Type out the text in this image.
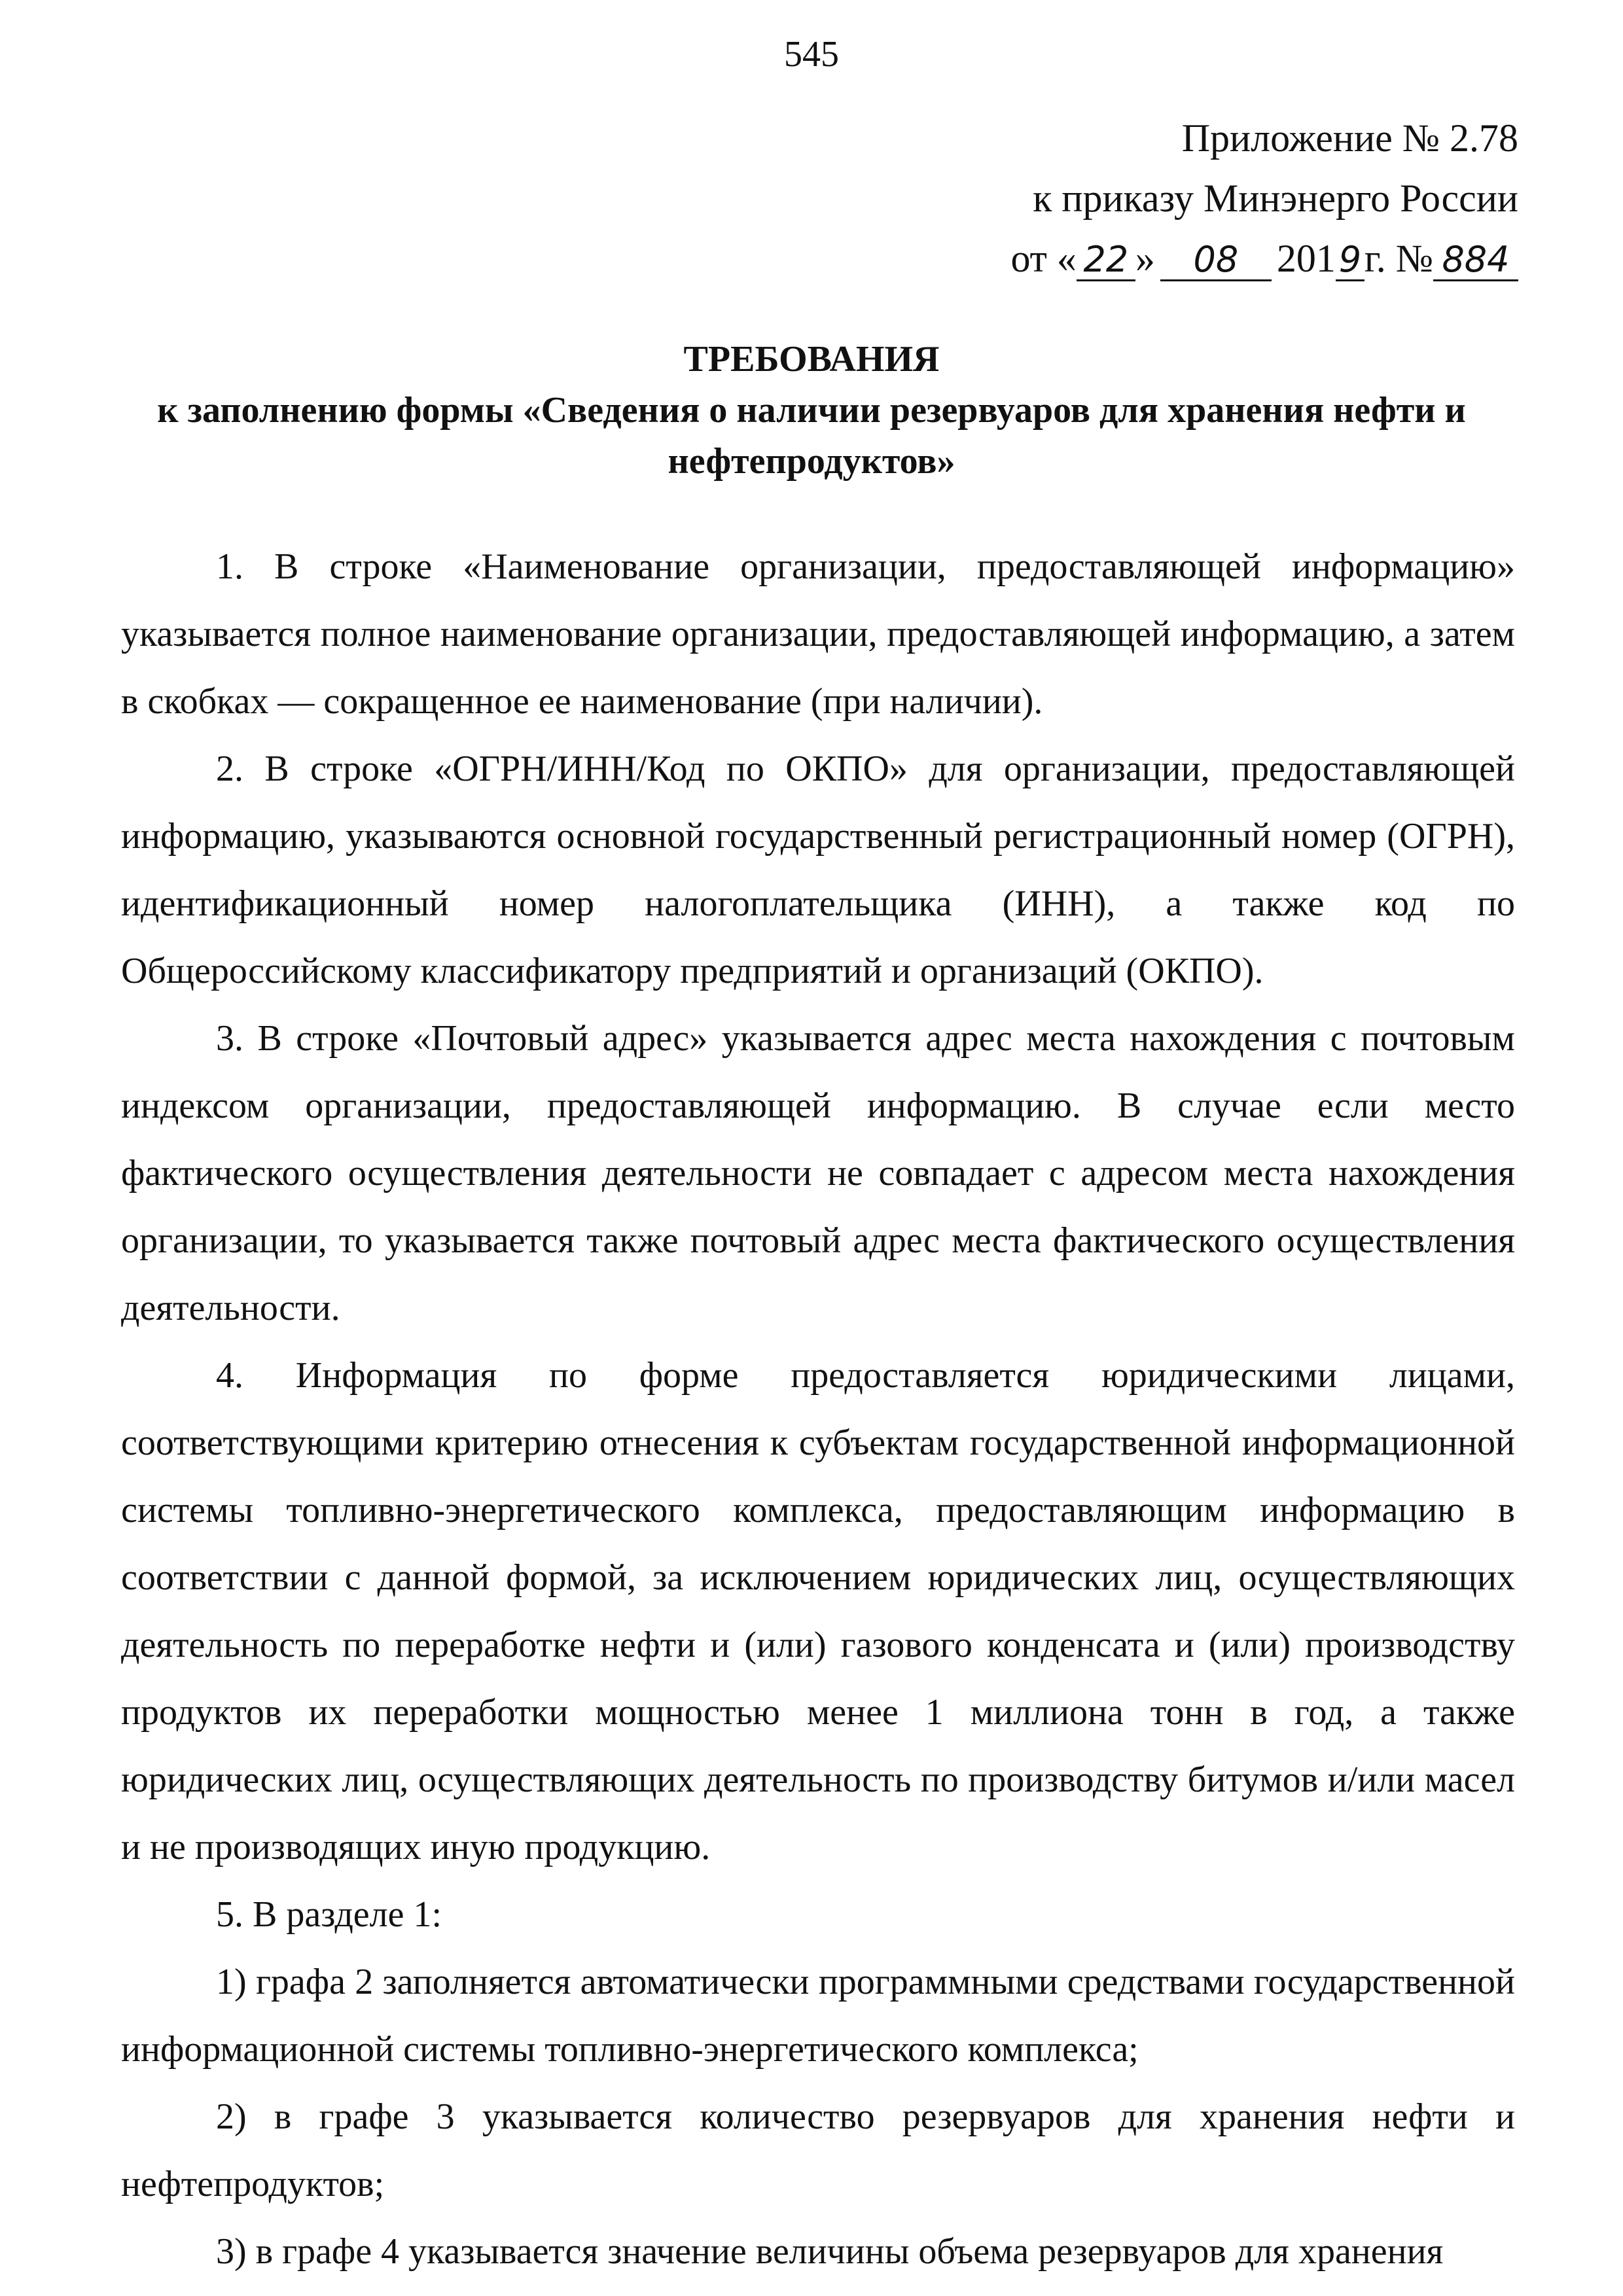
545
Приложение № 2.78
к приказу Минэнерго России
от « 22 » 08 2019г. № 884
ТРЕБОВАНИЯ
к заполнению формы «Сведения о наличии резервуаров для хранения нефти и нефтепродуктов»

1. В строке «Наименование организации, предоставляющей информацию» указывается полное наименование организации, предоставляющей информацию, а затем в скобках — сокращенное ее наименование (при наличии).

2. В строке «ОГРН/ИНН/Код по ОКПО» для организации, предоставляющей информацию, указываются основной государственный регистрационный номер (ОГРН), идентификационный номер налогоплательщика (ИНН), а также код по Общероссийскому классификатору предприятий и организаций (ОКПО).

3. В строке «Почтовый адрес» указывается адрес места нахождения с почтовым индексом организации, предоставляющей информацию. В случае если место фактического осуществления деятельности не совпадает с адресом места нахождения организации, то указывается также почтовый адрес места фактического осуществления деятельности.

4. Информация по форме предоставляется юридическими лицами, соответствующими критерию отнесения к субъектам государственной информационной системы топливно-энергетического комплекса, предоставляющим информацию в соответствии с данной формой, за исключением юридических лиц, осуществляющих деятельность по переработке нефти и (или) газового конденсата и (или) производству продуктов их переработки мощностью менее 1 миллиона тонн в год, а также юридических лиц, осуществляющих деятельность по производству битумов и/или масел и не производящих иную продукцию.

5. В разделе 1:

1) графа 2 заполняется автоматически программными средствами государственной информационной системы топливно-энергетического комплекса;

2) в графе 3 указывается количество резервуаров для хранения нефти и нефтепродуктов;

3) в графе 4 указывается значение величины объема резервуаров для хранения
